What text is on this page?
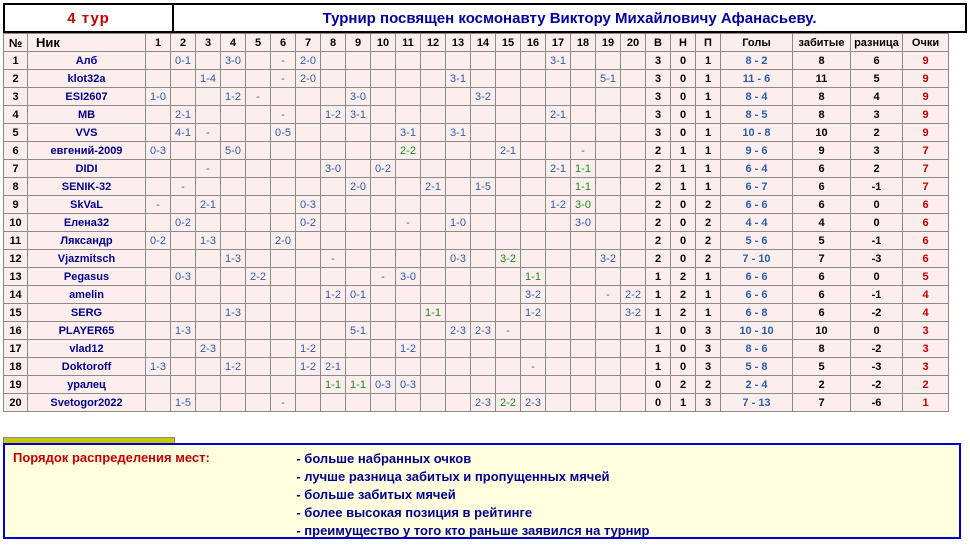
4 тур	Турнир посвящен космонавту Виктору Михайловичу Афанасьеву.
№	Ник	1	2	3	4	5	6	7	8	9	10	11	12	13	14	15	16	17	18	19	20	В	Н	П	Голы	забитые	разница	Очки
1	Алб		0-1		3-0		-	2-0										3-1				3	0	1	8 - 2	8	6	9
2	klot32a			1-4			-	2-0						3-1						5-1		3	0	1	11 - 6	11	5	9
3	ESI2607	1-0			1-2	-				3-0					3-2							3	0	1	8 - 4	8	4	9
4	MB		2-1				-		1-2	3-1								2-1				3	0	1	8 - 5	8	3	9
5	VVS		4-1	-			0-5					3-1		3-1								3	0	1	10 - 8	10	2	9
6	евгений-2009	0-3			5-0							2-2				2-1			-			2	1	1	9 - 6	9	3	7
7	DIDI			-					3-0		0-2							2-1	1-1			2	1	1	6 - 4	6	2	7
8	SENIK-32		-							2-0			2-1		1-5				1-1			2	1	1	6 - 7	6	-1	7
9	SkVaL	-		2-1				0-3										1-2	3-0			2	0	2	6 - 6	6	0	6
10	Елена32		0-2					0-2				-		1-0					3-0			2	0	2	4 - 4	4	0	6
11	Ляксандр	0-2		1-3			2-0															2	0	2	5 - 6	5	-1	6
12	Vjazmitsch				1-3				-					0-3		3-2				3-2		2	0	2	7 - 10	7	-3	6
13	Pegasus		0-3			2-2					-	3-0					1-1					1	2	1	6 - 6	6	0	5
14	amelin								1-2	0-1							3-2			-	2-2	1	2	1	6 - 6	6	-1	4
15	SERG				1-3								1-1				1-2				3-2	1	2	1	6 - 8	6	-2	4
16	PLAYER65		1-3							5-1				2-3	2-3	-						1	0	3	10 - 10	10	0	3
17	vlad12			2-3				1-2				1-2										1	0	3	8 - 6	8	-2	3
18	Doktoroff	1-3			1-2			1-2	2-1								-					1	0	3	5 - 8	5	-3	3
19	уралец								1-1	1-1	0-3	0-3										0	2	2	2 - 4	2	-2	2
20	Svetogor2022		1-5				-								2-3	2-2	2-3					0	1	3	7 - 13	7	-6	1
Порядок распределения мест:	- больше набранных очков
- лучше разница забитых и пропущенных мячей
- больше забитых мячей
- более высокая позиция в рейтинге
- преимущество у того кто раньше заявился на турнир
